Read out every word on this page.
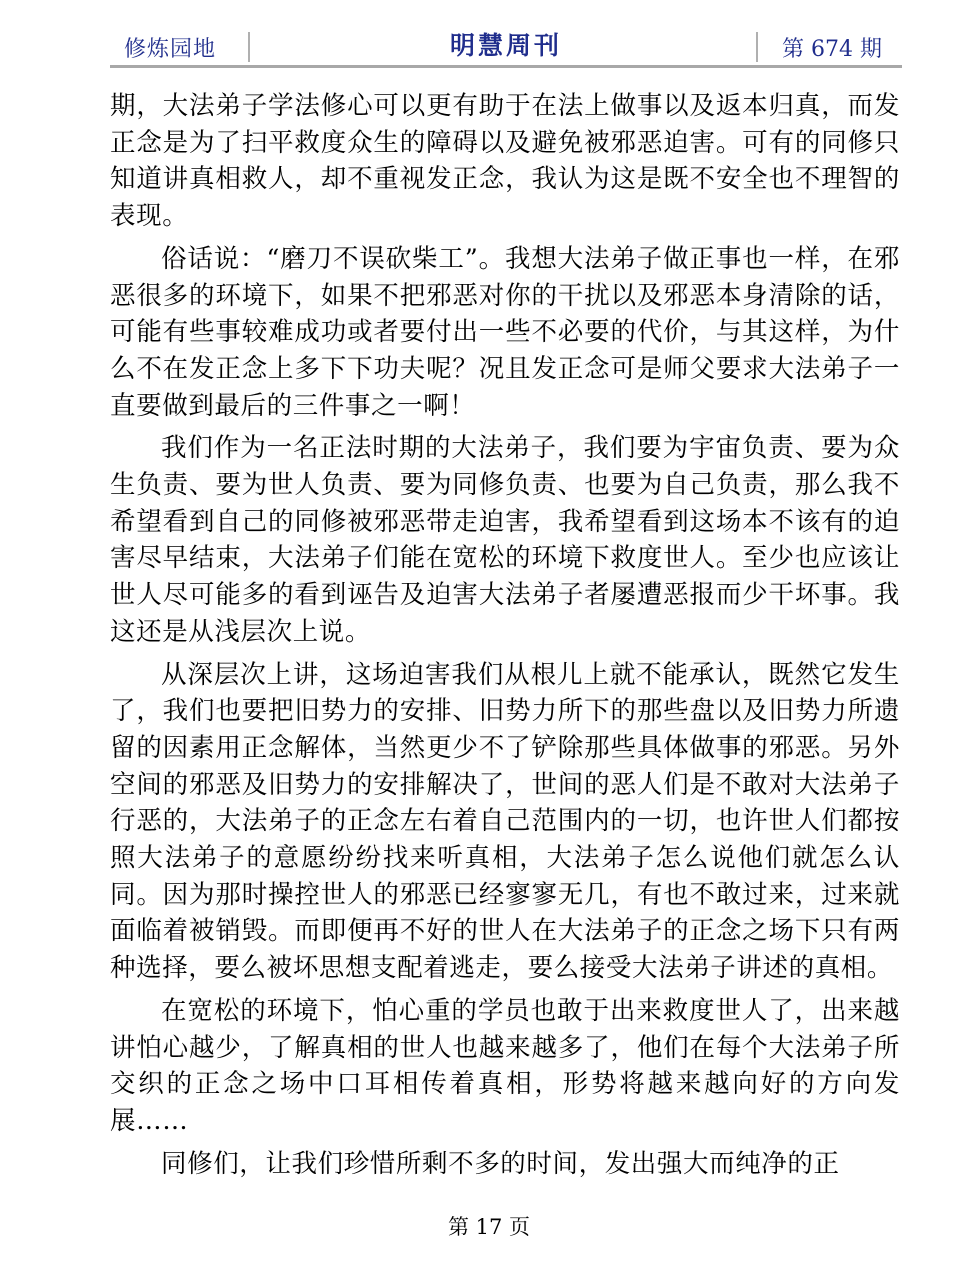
修炼园地	明慧周刊	第 674 期

期，大法弟子学法修心可以更有助于在法上做事以及返本归真，而发正念是为了扫平救度众生的障碍以及避免被邪恶迫害。可有的同修只知道讲真相救人，却不重视发正念，我认为这是既不安全也不理智的表现。

俗话说：“磨刀不误砍柴工”。我想大法弟子做正事也一样，在邪恶很多的环境下，如果不把邪恶对你的干扰以及邪恶本身清除的话，可能有些事较难成功或者要付出一些不必要的代价，与其这样，为什么不在发正念上多下下功夫呢？况且发正念可是师父要求大法弟子一直要做到最后的三件事之一啊！

我们作为一名正法时期的大法弟子，我们要为宇宙负责、要为众生负责、要为世人负责、要为同修负责、也要为自己负责，那么我不希望看到自己的同修被邪恶带走迫害，我希望看到这场本不该有的迫害尽早结束，大法弟子们能在宽松的环境下救度世人。至少也应该让世人尽可能多的看到诬告及迫害大法弟子者屡遭恶报而少干坏事。我这还是从浅层次上说。

从深层次上讲，这场迫害我们从根儿上就不能承认，既然它发生了，我们也要把旧势力的安排、旧势力所下的那些盘以及旧势力所遗留的因素用正念解体，当然更少不了铲除那些具体做事的邪恶。另外空间的邪恶及旧势力的安排解决了，世间的恶人们是不敢对大法弟子行恶的，大法弟子的正念左右着自己范围内的一切，也许世人们都按照大法弟子的意愿纷纷找来听真相，大法弟子怎么说他们就怎么认同。因为那时操控世人的邪恶已经寥寥无几，有也不敢过来，过来就面临着被销毁。而即便再不好的世人在大法弟子的正念之场下只有两种选择，要么被坏思想支配着逃走，要么接受大法弟子讲述的真相。

在宽松的环境下，怕心重的学员也敢于出来救度世人了，出来越讲怕心越少，了解真相的世人也越来越多了，他们在每个大法弟子所交织的正念之场中口耳相传着真相，形势将越来越向好的方向发展……

同修们，让我们珍惜所剩不多的时间，发出强大而纯净的正

第 17 页
